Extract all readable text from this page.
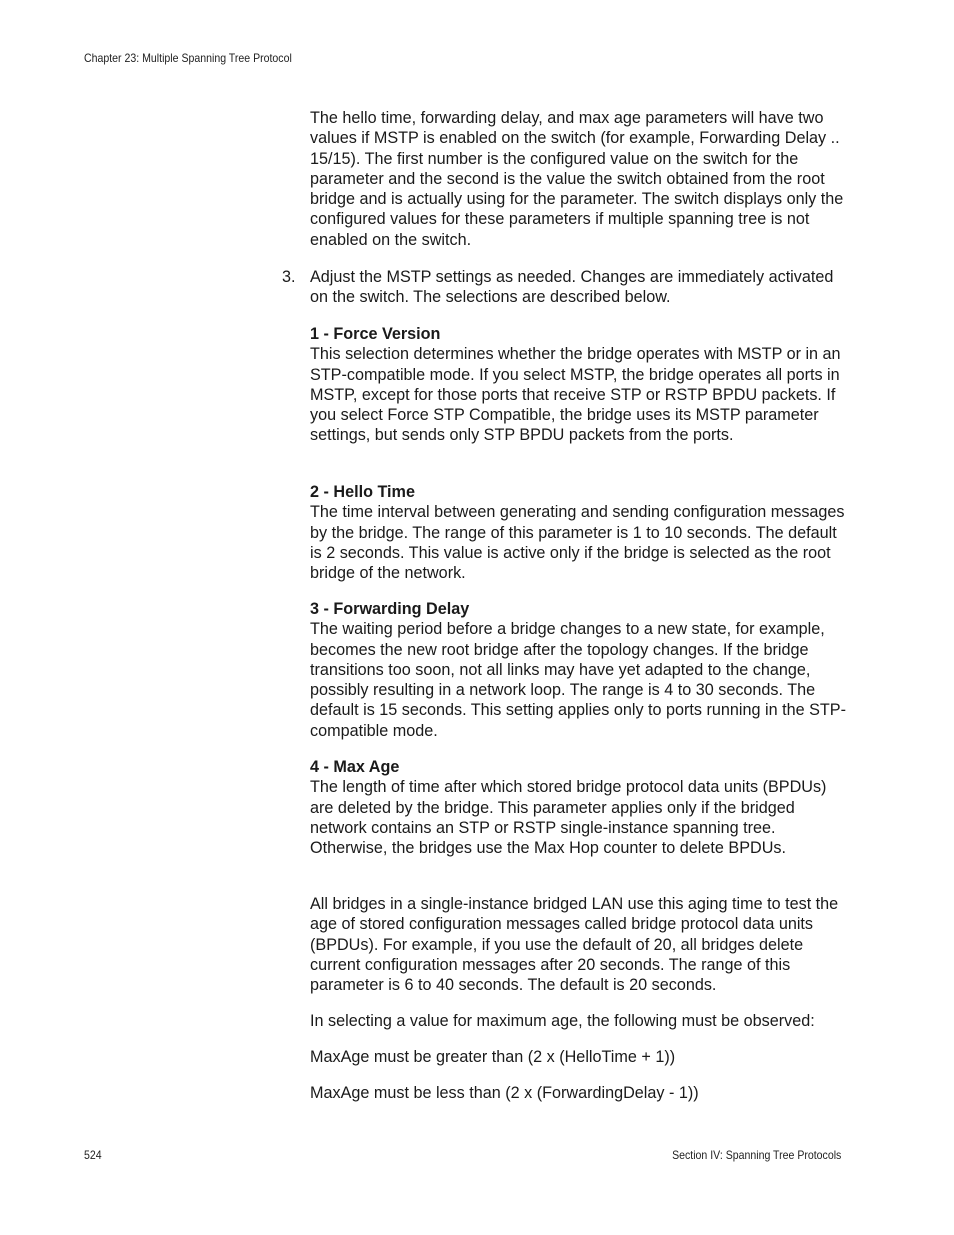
Chapter 23: Multiple Spanning Tree Protocol

The hello time, forwarding delay, and max age parameters will have two values if MSTP is enabled on the switch (for example, Forwarding Delay .. 15/15). The first number is the configured value on the switch for the parameter and the second is the value the switch obtained from the root bridge and is actually using for the parameter. The switch displays only the configured values for these parameters if multiple spanning tree is not enabled on the switch.

3. Adjust the MSTP settings as needed. Changes are immediately activated on the switch. The selections are described below.

1 - Force Version

This selection determines whether the bridge operates with MSTP or in an STP-compatible mode. If you select MSTP, the bridge operates all ports in MSTP, except for those ports that receive STP or RSTP BPDU packets. If you select Force STP Compatible, the bridge uses its MSTP parameter settings, but sends only STP BPDU packets from the ports.

2 - Hello Time

The time interval between generating and sending configuration messages by the bridge. The range of this parameter is 1 to 10 seconds. The default is 2 seconds. This value is active only if the bridge is selected as the root bridge of the network.

3 - Forwarding Delay

The waiting period before a bridge changes to a new state, for example, becomes the new root bridge after the topology changes. If the bridge transitions too soon, not all links may have yet adapted to the change, possibly resulting in a network loop. The range is 4 to 30 seconds. The default is 15 seconds. This setting applies only to ports running in the STP-compatible mode.

4 - Max Age

The length of time after which stored bridge protocol data units (BPDUs) are deleted by the bridge. This parameter applies only if the bridged network contains an STP or RSTP single-instance spanning tree. Otherwise, the bridges use the Max Hop counter to delete BPDUs.

All bridges in a single-instance bridged LAN use this aging time to test the age of stored configuration messages called bridge protocol data units (BPDUs). For example, if you use the default of 20, all bridges delete current configuration messages after 20 seconds. The range of this parameter is 6 to 40 seconds. The default is 20 seconds.

In selecting a value for maximum age, the following must be observed:

MaxAge must be greater than (2 x (HelloTime + 1))

MaxAge must be less than (2 x (ForwardingDelay - 1))

524	Section IV: Spanning Tree Protocols
